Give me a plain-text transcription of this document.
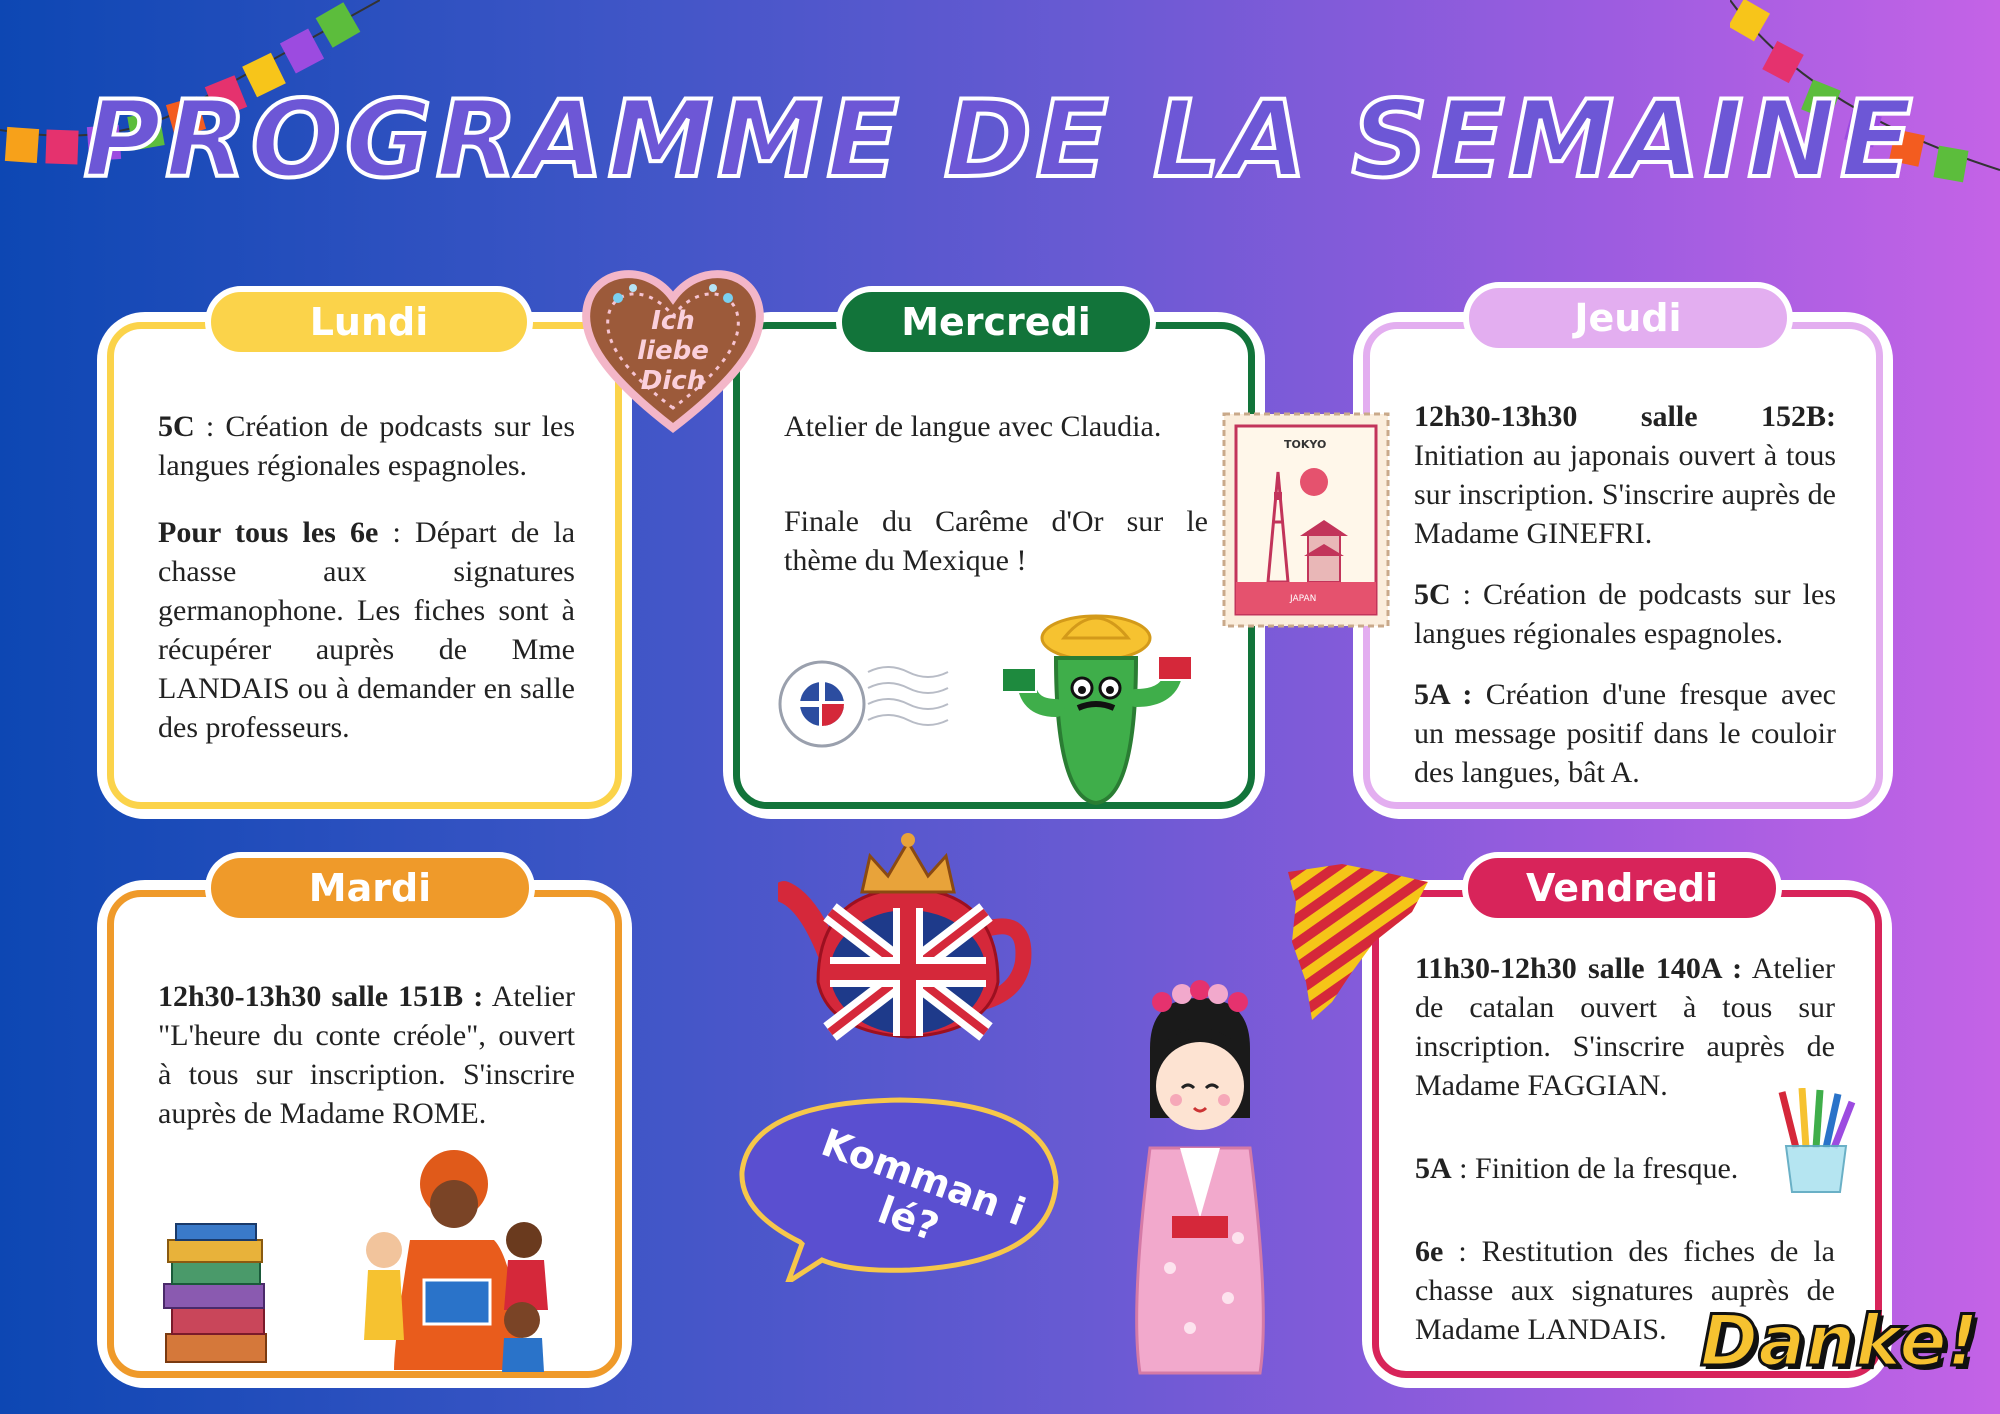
PROGRAMME DE LA SEMAINE

5C : Création de podcasts sur les langues régionales espagnoles.

Pour tous les 6e : Départ de la chasse aux signatures germanophone. Les fiches sont à récupérer auprès de Mme LANDAIS ou à demander en salle des professeurs.

Lundi

Atelier de langue avec Claudia.

Finale du Carême d'Or sur le thème du Mexique !

Mercredi

12h30-13h30 salle 152B: Initiation au japonais ouvert à tous sur inscription. S'inscrire auprès de Madame GINEFRI.

5C : Création de podcasts sur les langues régionales espagnoles.

5A : Création d'une fresque avec un message positif dans le couloir des langues, bât A.

Jeudi

12h30-13h30 salle 151B : Atelier "L'heure du conte créole", ouvert à tous sur inscription. S'inscrire auprès de Madame ROME.

Mardi

11h30-12h30 salle 140A : Atelier de catalan ouvert à tous sur inscription. S'inscrire auprès de Madame FAGGIAN.

5A : Finition de la fresque.

6e : Restitution des fiches de la chasse aux signatures auprès de Madame LANDAIS.

Vendredi
Ich liebe Dich
TOKYO
JAPAN
Komman i lé?
Danke!
